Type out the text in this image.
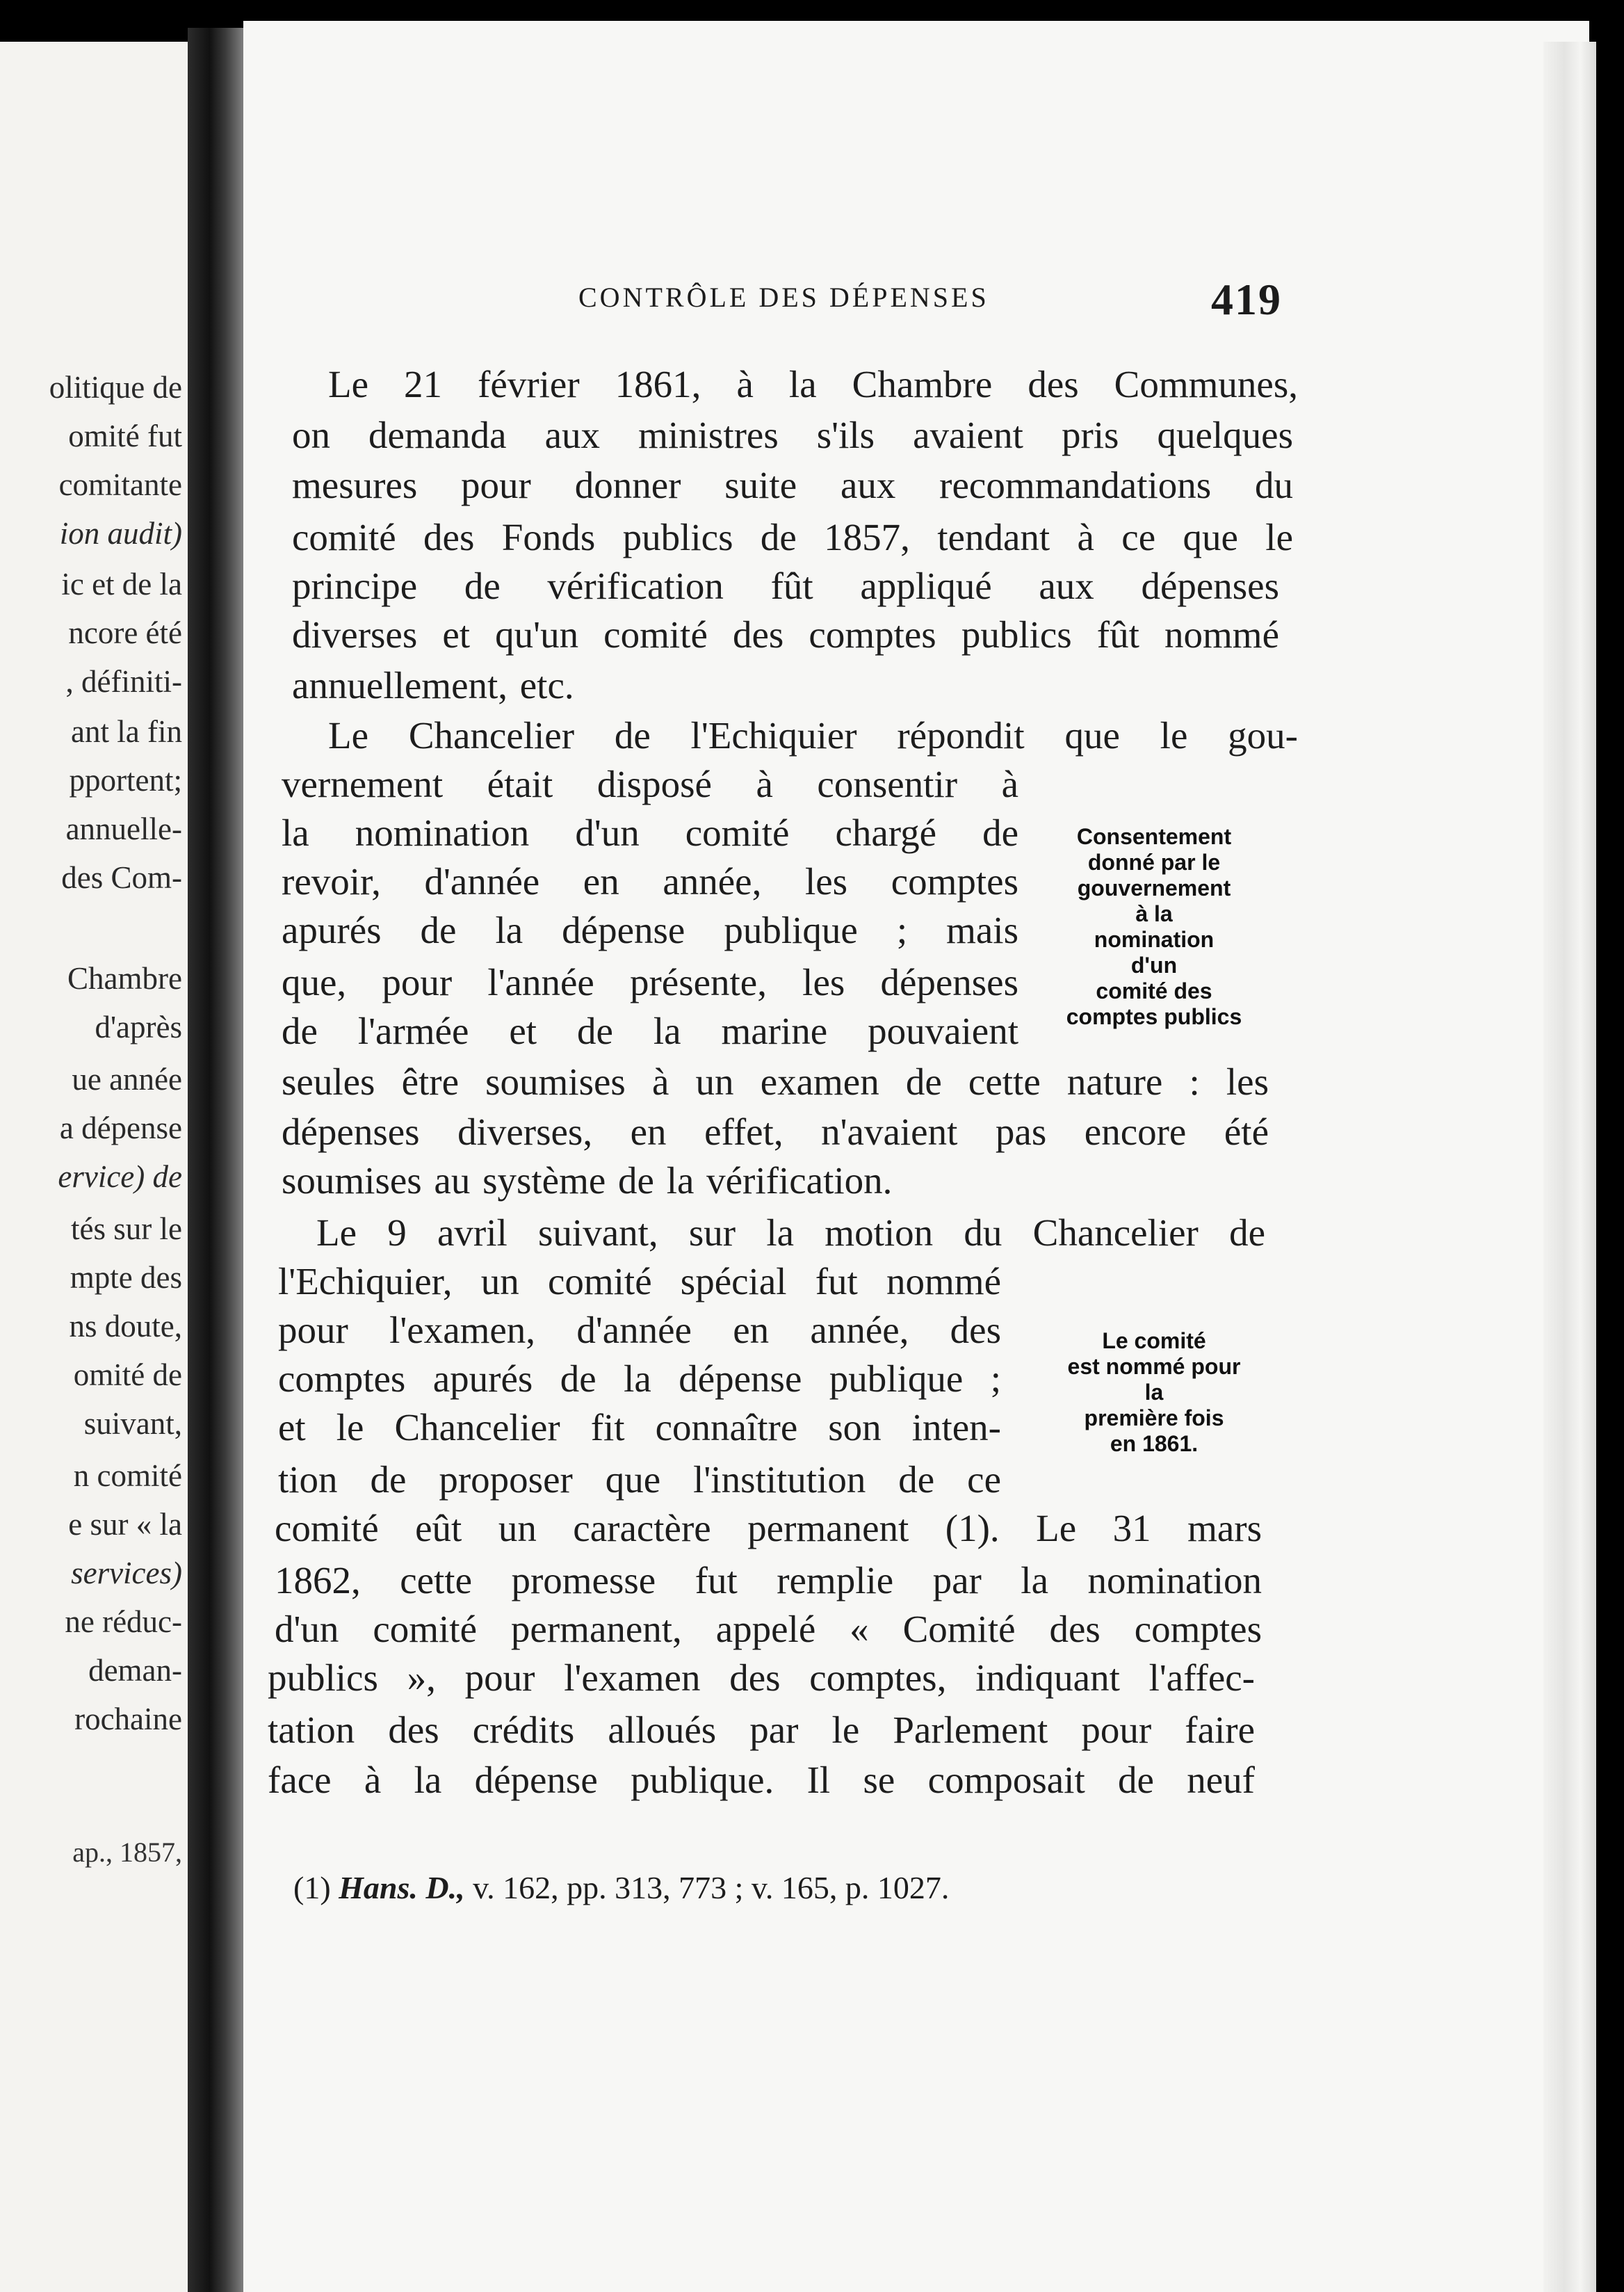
olitique de
omité fut
comitante
ion audit)
ic et de la
ncore été
, définiti-
ant la fin
pportent;
annuelle-
des Com-
Chambre
d'après
ue année
a dépense
ervice) de
tés sur le
mpte des
ns doute,
omité de
suivant,
n comité
e sur « la
services)
ne réduc-
deman-
rochaine
ap., 1857,
CONTRÔLE DES DÉPENSES	419
Le 21 février 1861, à la Chambre des Communes,
on demanda aux ministres s'ils avaient pris quelques
mesures pour donner suite aux recommandations du
comité des Fonds publics de 1857, tendant à ce que le
principe de vérification fût appliqué aux dépenses
diverses et qu'un comité des comptes publics fût nommé
annuellement, etc.
Le Chancelier de l'Echiquier répondit que le gou-
vernement était disposé à consentir à
la nomination d'un comité chargé de
revoir, d'année en année, les comptes
apurés de la dépense publique ; mais
que, pour l'année présente, les dépenses
de l'armée et de la marine pouvaient
seules être soumises à un examen de cette nature : les
dépenses diverses, en effet, n'avaient pas encore été
soumises au système de la vérification.
Le 9 avril suivant, sur la motion du Chancelier de
l'Echiquier, un comité spécial fut nommé
pour l'examen, d'année en année, des
comptes apurés de la dépense publique ;
et le Chancelier fit connaître son inten-
tion de proposer que l'institution de ce
comité eût un caractère permanent (1). Le 31 mars
1862, cette promesse fut remplie par la nomination
d'un comité permanent, appelé « Comité des comptes
publics », pour l'examen des comptes, indiquant l'affec-
tation des crédits alloués par le Parlement pour faire
face à la dépense publique. Il se composait de neuf
Consentement
donné par le
gouvernement
à la
nomination
d'un
comité des
comptes publics
Le comité
est nommé pour
la
première fois
en 1861.
(1) Hans. D., v. 162, pp. 313, 773 ; v. 165, p. 1027.
